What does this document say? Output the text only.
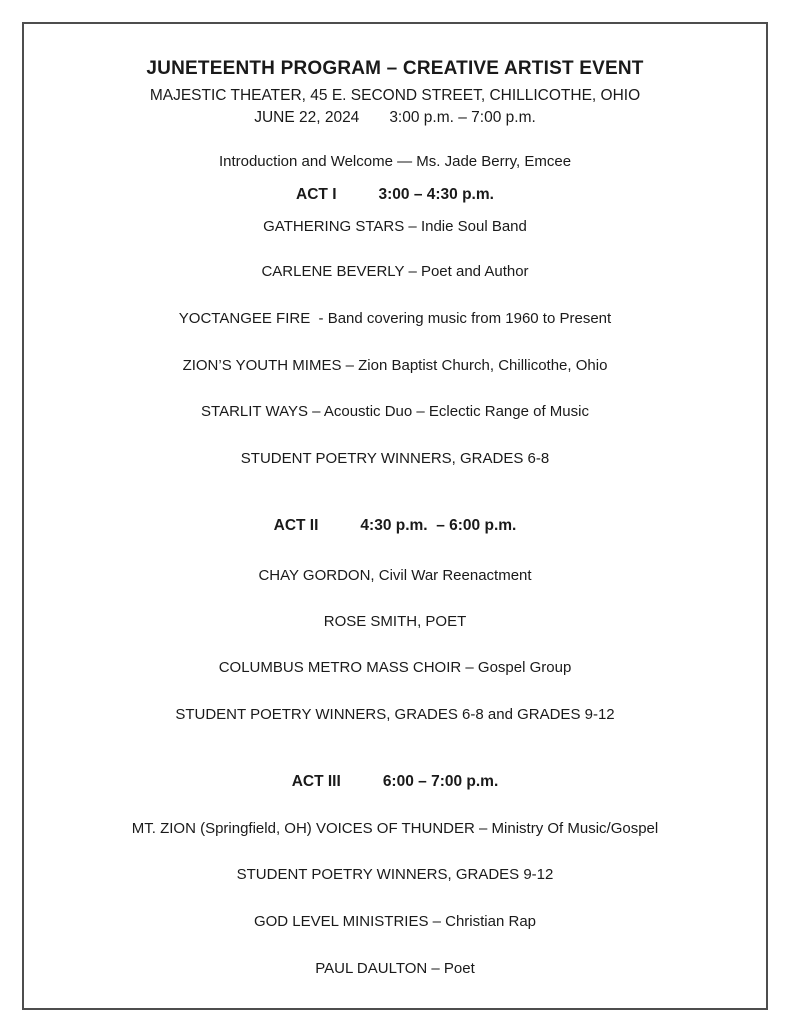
JUNETEENTH PROGRAM – CREATIVE ARTIST EVENT
MAJESTIC THEATER, 45 E. SECOND STREET, CHILLICOTHE, OHIO
JUNE 22, 2024 3:00 p.m. – 7:00 p.m.
Introduction and Welcome — Ms. Jade Berry, Emcee
ACT I	3:00 – 4:30 p.m.
GATHERING STARS – Indie Soul Band
CARLENE BEVERLY – Poet and Author
YOCTANGEE FIRE  - Band covering music from 1960 to Present
ZION’S YOUTH MIMES – Zion Baptist Church, Chillicothe, Ohio
STARLIT WAYS – Acoustic Duo – Eclectic Range of Music
STUDENT POETRY WINNERS, GRADES 6-8
ACT II	4:30 p.m.  – 6:00 p.m.
CHAY GORDON, Civil War Reenactment
ROSE SMITH, POET
COLUMBUS METRO MASS CHOIR – Gospel Group
STUDENT POETRY WINNERS, GRADES 6-8 and GRADES 9-12
ACT III	6:00 – 7:00 p.m.
MT. ZION (Springfield, OH) VOICES OF THUNDER – Ministry Of Music/Gospel
STUDENT POETRY WINNERS, GRADES 9-12
GOD LEVEL MINISTRIES – Christian Rap
PAUL DAULTON – Poet
